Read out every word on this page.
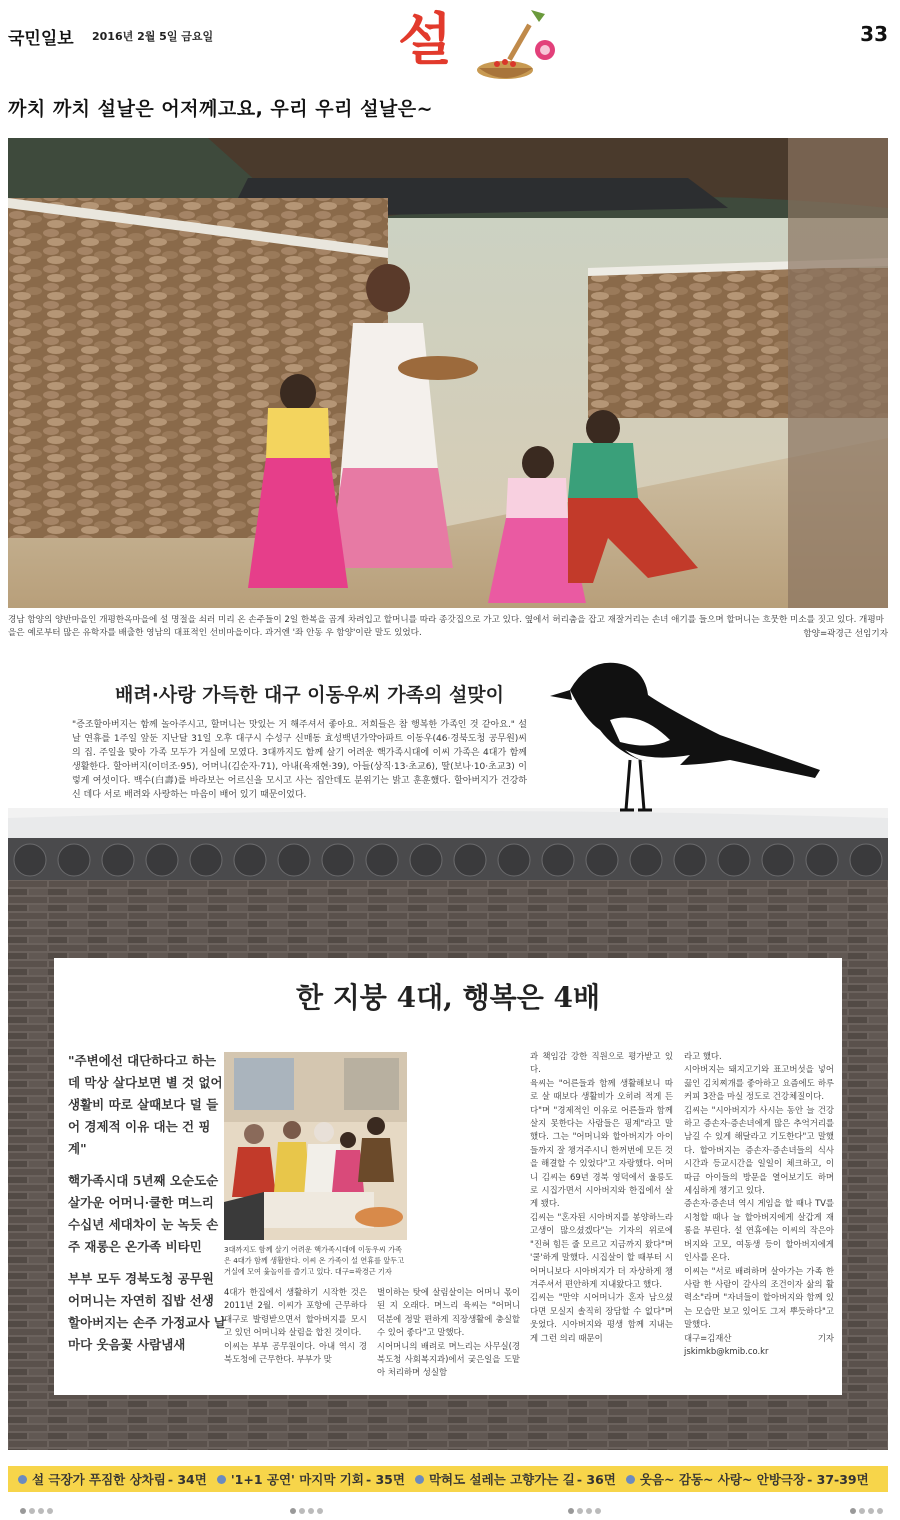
국민일보 2016년 2월 5일 금요일	설	33
까치 까치 설날은 어저께고요, 우리 우리 설날은~
경남 함양의 양반마을인 개평한옥마을에 설 명절을 쇠러 미리 온 손주들이 2일 한복을 곱게 차려입고 할머니를 따라 종갓집으로 가고 있다. 옆에서 허리춤을 잡고 재잘거리는 손녀 애기를 들으며 할머니는 흐뭇한 미소를 짓고 있다. 개평마을은 예로부터 많은 유학자를 배출한 영남의 대표적인 선비마을이다. 과거엔 '좌 안동 우 함양'이란 말도 있었다.	함양=곽경근 선임기자
배려·사랑 가득한 대구 이동우씨 가족의 설맞이
"증조할아버지는 함께 놀아주시고, 할머니는 맛있는 거 해주셔서 좋아요. 저희들은 참 행복한 가족인 것 같아요." 설날 연휴를 1주일 앞둔 지난달 31일 오후 대구시 수성구 신매동 효성백년가약아파트 이동우(46·경북도청 공무원)씨의 집. 주일을 맞아 가족 모두가 거실에 모였다. 3대까지도 함께 살기 어려운 핵가족시대에 이씨 가족은 4대가 함께 생활한다. 할아버지(이더조·95), 어머니(김순자·71), 아내(육재현·39), 아들(상직·13·초교6), 딸(보나·10·초교3) 이렇게 여섯이다. 백수(白壽)를 바라보는 어르신을 모시고 사는 집안데도 분위기는 밝고 훈훈했다. 할아버지가 건강하신 데다 서로 배려와 사랑하는 마음이 배어 있기 때문이었다.
한 지붕 4대, 행복은 4배
"주변에선 대단하다고 하는데 막상 살다보면 별 것 없어 생활비 따로 살때보다 덜 들어 경제적 이유 대는 건 핑계"
핵가족시대 5년째 오순도순 살가운 어머니·쿨한 며느리 수십년 세대차이 눈 녹듯 손주 재롱은 온가족 비타민
부부 모두 경북도청 공무원 어머니는 자연히 집밥 선생 할아버지는 손주 가정교사 날마다 웃음꽃 사람냄새
3대까지도 함께 살기 어려운 핵가족시대에 이동우씨 가족은 4대가 함께 생활한다. 이씨 온 가족이 설 연휴를 앞두고 거실에 모여 윷놀이를 즐기고 있다. 대구=곽경근 기자
4대가 한집에서 생활하기 시작한 것은 2011년 2월. 이씨가 포항에 근무하다 대구로 발령받으면서 할아버지를 모시고 있던 어머니와 살림을 합친 것이다.
이씨는 부부 공무원이다. 아내 역시 경북도청에 근무한다. 부부가 맞
벌이하는 탓에 살림살이는 어머니 몫이 된 지 오래다. 며느리 육씨는 "어머니 덕분에 정말 편하게 직장생활에 충실할 수 있어 좋다"고 말했다.
시어머니의 배려로 며느리는 사무실(경북도청 사회복지과)에서 궂은일을 도맡아 처리하며 성실함
과 책임감 강한 직원으로 평가받고 있다.
육씨는 "어른들과 함께 생활해보니 따로 살 때보다 생활비가 오히려 적게 든다"며 "경제적인 이유로 어른들과 함께 살지 못한다는 사람들은 핑계"라고 말했다. 그는 "어머니와 할아버지가 아이들까지 잘 챙겨주시니 한꺼번에 모든 것을 해결할 수 있었다"고 자랑했다. 어머니 김씨는 69년 경북 영덕에서 울릉도로 시집가면서 시아버지와 한집에서 살게 됐다.
김씨는 "혼자된 시아버지를 봉양하느라 고생이 많으셨겠다"는 기자의 위로에 "진혀 힘든 줄 모르고 지금까지 왔다"며 '쿨'하게 말했다. 시집살이 할 때부터 시어머니보다 시아버지가 더 자상하게 챙겨주셔서 편안하게 지내왔다고 했다.
김씨는 "만약 시어머니가 혼자 남으셨다면 모실지 솔직히 장담할 수 없다"며 웃었다. 시아버지와 평생 함께 지내는 게 그런 의리 때문이
라고 했다.
시아버지는 돼지고기와 표고버섯을 넣어 끓인 김치찌개를 좋아하고 요즘에도 하루 커피 3잔을 마실 정도로 건강체질이다.
김씨는 "시아버지가 사시는 동안 늘 건강하고 증손자·증손녀에게 많은 추억거리를 남길 수 있게 해달라고 기도한다"고 말했다. 할아버지는 증손자·증손녀들의 식사시간과 등교시간을 일일이 체크하고, 이따금 아이들의 방문을 열어보기도 하며 세심하게 챙기고 있다.
증손자·증손녀 역시 게임을 할 때나 TV를 시청할 때나 늘 할아버지에게 살갑게 재롱을 부린다. 설 연휴에는 이씨의 작은아버지와 고모, 여동생 등이 할아버지에게 인사를 온다.
이씨는 "서로 배려하며 살아가는 가족 한 사람 한 사람이 갈사의 조건이자 삶의 활력소"라며 "자녀들이 할아버지와 함께 있는 모습만 보고 있어도 그저 뿌듯하다"고 말했다.
대구=김재산 기자 jskimkb@kmib.co.kr
설 극장가 푸짐한 상차림 - 34면 '1+1 공연' 마지막 기회 - 35면 막혀도 설레는 고향가는 길 - 36면 웃음~ 감동~ 사랑~ 안방극장 - 37-39면
